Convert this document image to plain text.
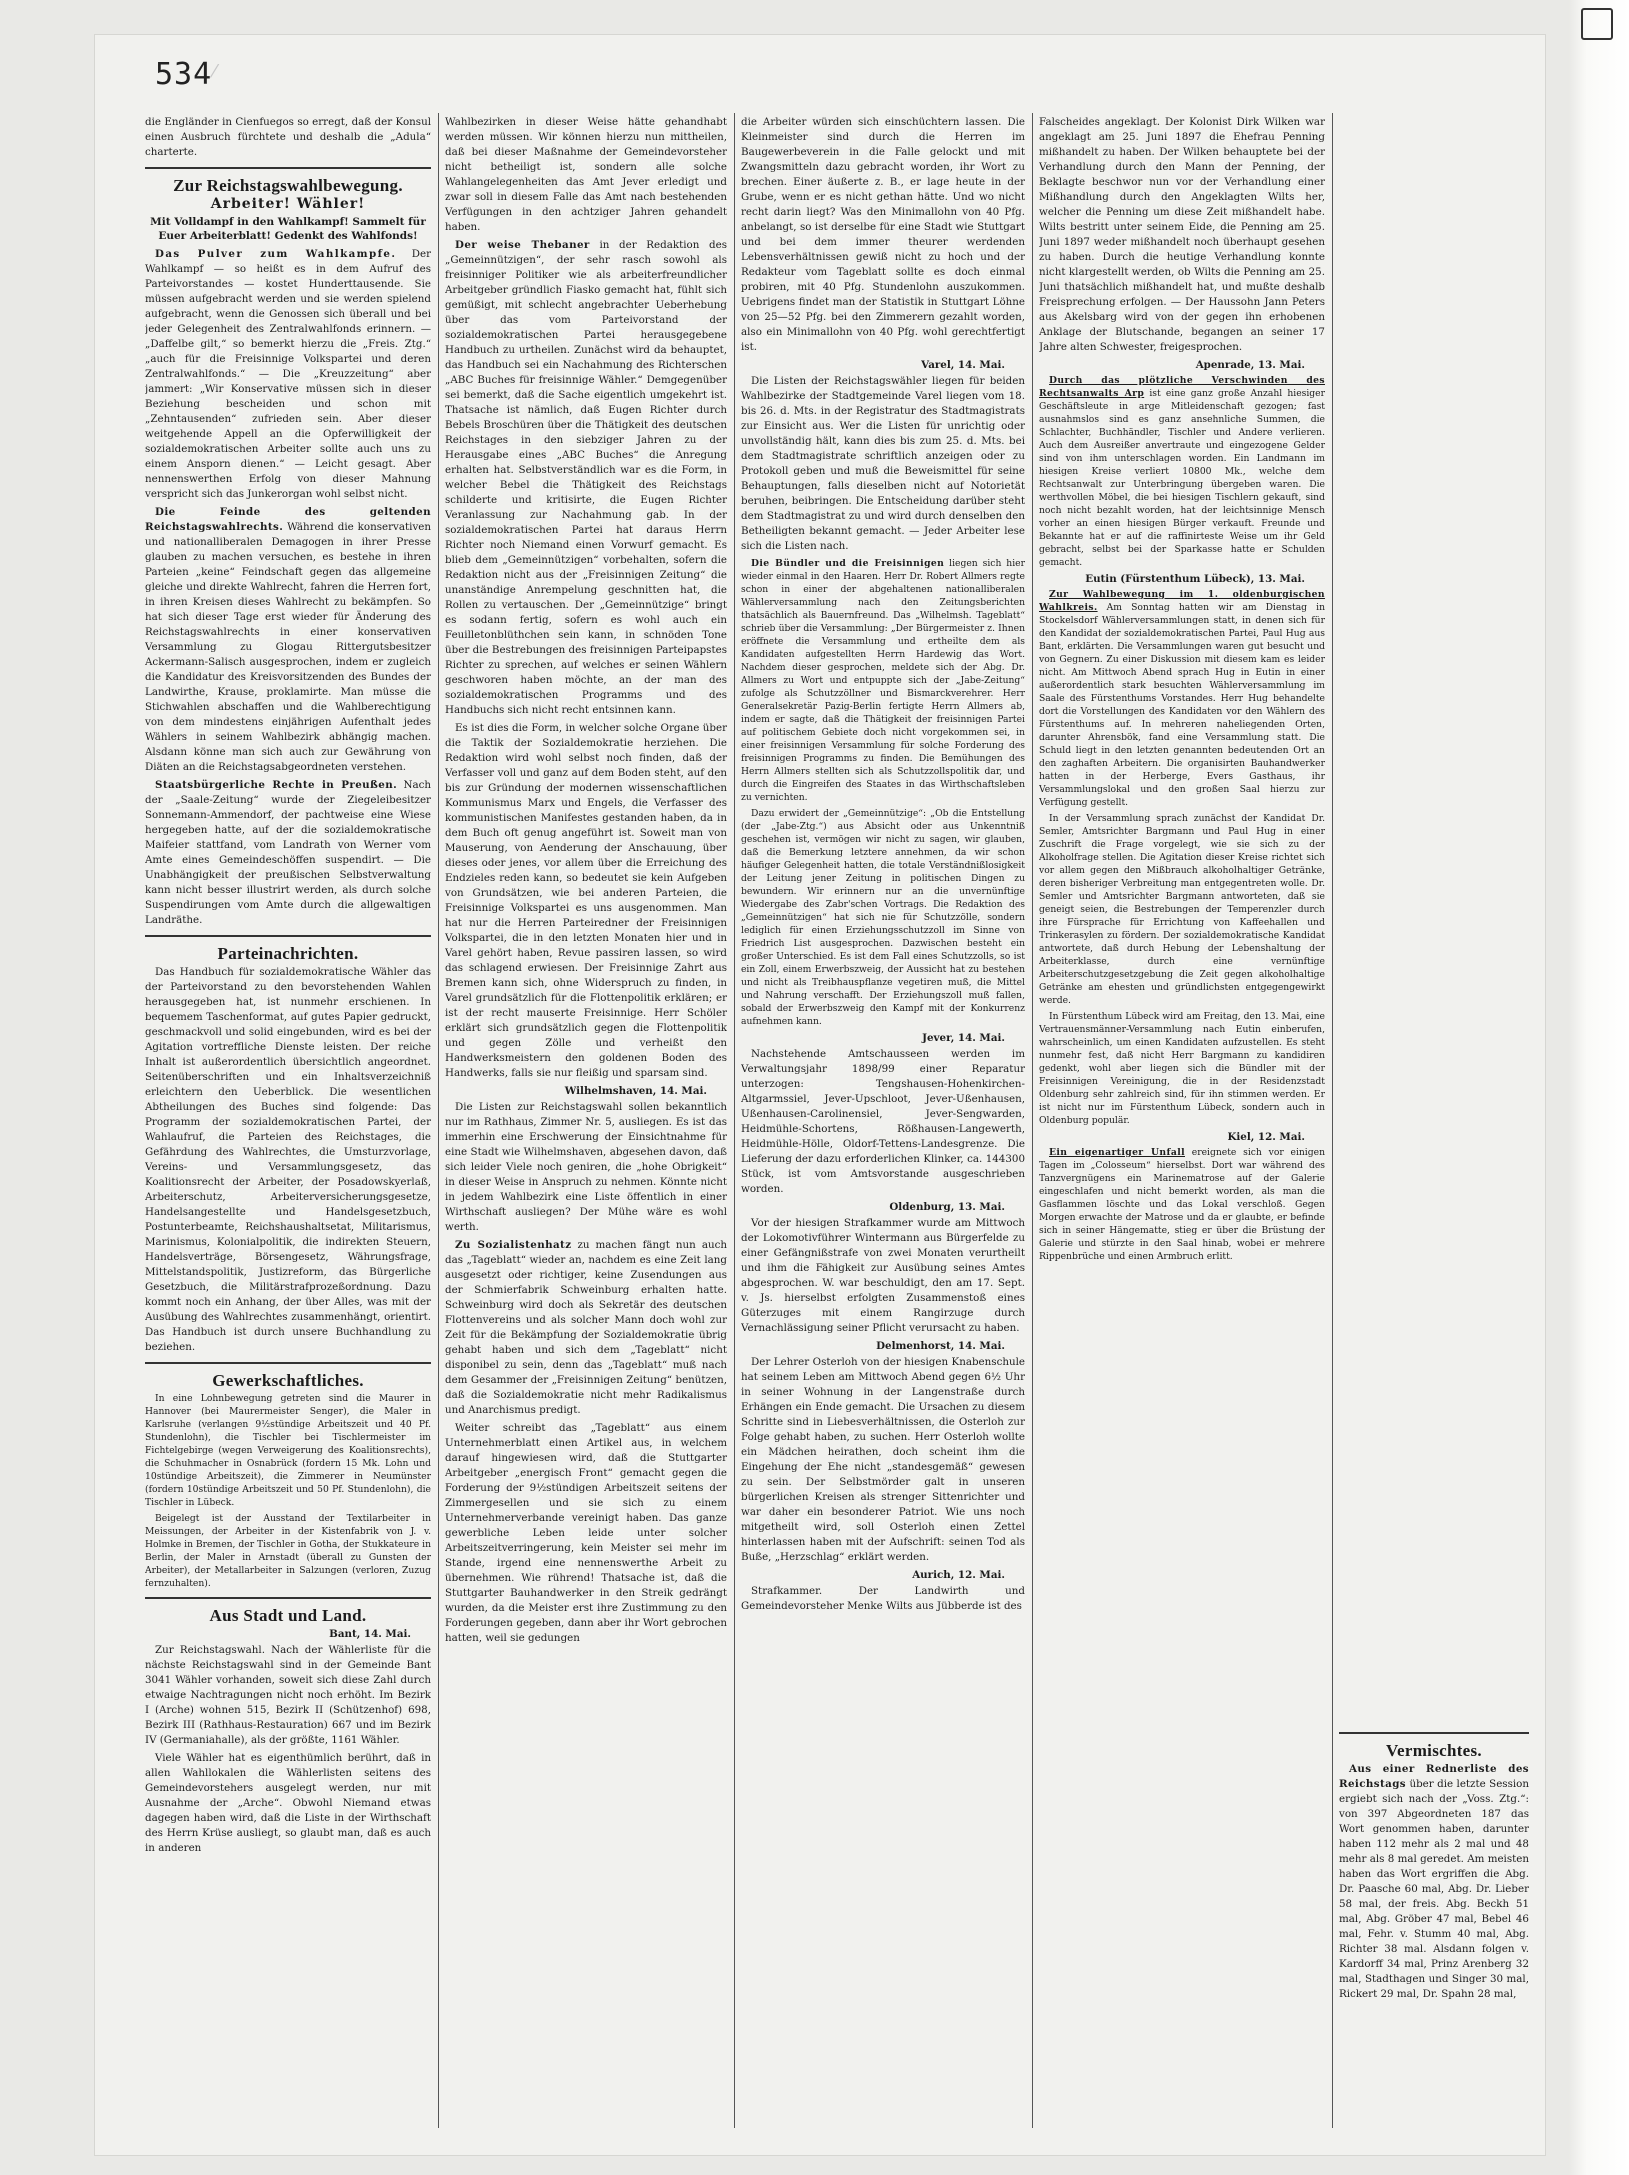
534 ⁄

die Engländer in Cienfuegos so erregt, daß der Konsul einen Ausbruch fürchtete und deshalb die „Adula“ charterte.

Zur Reichstagswahlbewegung.
Arbeiter! Wähler!
Mit Volldampf in den Wahlkampf! Sammelt für Euer Arbeiterblatt! Gedenkt des Wahlfonds!

Das Pulver zum Wahlkampfe. Der Wahlkampf — so heißt es in dem Aufruf des Parteivorstandes — kostet Hunderttausende. Sie müssen aufgebracht werden und sie werden spielend aufgebracht, wenn die Genossen sich überall und bei jeder Gelegenheit des Zentralwahlfonds erinnern. — „Daffelbe gilt,“ so bemerkt hierzu die „Freis. Ztg.“ „auch für die Freisinnige Volkspartei und deren Zentralwahlfonds.“ — Die „Kreuzzeitung“ aber jammert: „Wir Konservative müssen sich in dieser Beziehung bescheiden und schon mit „Zehntausenden“ zufrieden sein. Aber dieser weitgehende Appell an die Opferwilligkeit der sozialdemokratischen Arbeiter sollte auch uns zu einem Ansporn dienen.“ — Leicht gesagt. Aber nennenswerthen Erfolg von dieser Mahnung verspricht sich das Junkerorgan wohl selbst nicht.

Die Feinde des geltenden Reichstagswahlrechts. Während die konservativen und nationalliberalen Demagogen in ihrer Presse glauben zu machen versuchen, es bestehe in ihren Parteien „keine“ Feindschaft gegen das allgemeine gleiche und direkte Wahlrecht, fahren die Herren fort, in ihren Kreisen dieses Wahlrecht zu bekämpfen. So hat sich dieser Tage erst wieder für Änderung des Reichstagswahlrechts in einer konservativen Versammlung zu Glogau Rittergutsbesitzer Ackermann-Salisch ausgesprochen, indem er zugleich die Kandidatur des Kreisvorsitzenden des Bundes der Landwirthe, Krause, proklamirte. Man müsse die Stichwahlen abschaffen und die Wahlberechtigung von dem mindestens einjährigen Aufenthalt jedes Wählers in seinem Wahlbezirk abhängig machen. Alsdann könne man sich auch zur Gewährung von Diäten an die Reichstagsabgeordneten verstehen.

Staatsbürgerliche Rechte in Preußen. Nach der „Saale-Zeitung“ wurde der Ziegeleibesitzer Sonnemann-Ammendorf, der pachtweise eine Wiese hergegeben hatte, auf der die sozialdemokratische Maifeier stattfand, vom Landrath von Werner vom Amte eines Gemeindeschöffen suspendirt. — Die Unabhängigkeit der preußischen Selbstverwaltung kann nicht besser illustrirt werden, als durch solche Suspendirungen vom Amte durch die allgewaltigen Landräthe.

Parteinachrichten.

Das Handbuch für sozialdemokratische Wähler das der Parteivorstand zu den bevorstehenden Wahlen herausgegeben hat, ist nunmehr erschienen. In bequemem Taschenformat, auf gutes Papier gedruckt, geschmackvoll und solid eingebunden, wird es bei der Agitation vortreffliche Dienste leisten. Der reiche Inhalt ist außerordentlich übersichtlich angeordnet. Seitenüberschriften und ein Inhaltsverzeichniß erleichtern den Ueberblick. Die wesentlichen Abtheilungen des Buches sind folgende: Das Programm der sozialdemokratischen Partei, der Wahlaufruf, die Parteien des Reichstages, die Gefährdung des Wahlrechtes, die Umsturzvorlage, Vereins- und Versammlungsgesetz, das Koalitionsrecht der Arbeiter, der Posadowskyerlaß, Arbeiterschutz, Arbeiterversicherungsgesetze, Handelsangestellte und Handelsgesetzbuch, Postunterbeamte, Reichshaushaltsetat, Militarismus, Marinismus, Kolonialpolitik, die indirekten Steuern, Handelsverträge, Börsengesetz, Währungsfrage, Mittelstandspolitik, Justizreform, das Bürgerliche Gesetzbuch, die Militärstrafprozeßordnung. Dazu kommt noch ein Anhang, der über Alles, was mit der Ausübung des Wahlrechtes zusammenhängt, orientirt. Das Handbuch ist durch unsere Buchhandlung zu beziehen.

Gewerkschaftliches.

In eine Lohnbewegung getreten sind die Maurer in Hannover (bei Maurermeister Senger), die Maler in Karlsruhe (verlangen 9½stündige Arbeitszeit und 40 Pf. Stundenlohn), die Tischler bei Tischlermeister im Fichtelgebirge (wegen Verweigerung des Koalitionsrechts), die Schuhmacher in Osnabrück (fordern 15 Mk. Lohn und 10stündige Arbeitszeit), die Zimmerer in Neumünster (fordern 10stündige Arbeitszeit und 50 Pf. Stundenlohn), die Tischler in Lübeck.

Beigelegt ist der Ausstand der Textilarbeiter in Meissungen, der Arbeiter in der Kistenfabrik von J. v. Holmke in Bremen, der Tischler in Gotha, der Stukkateure in Berlin, der Maler in Arnstadt (überall zu Gunsten der Arbeiter), der Metallarbeiter in Salzungen (verloren, Zuzug fernzuhalten).

Aus Stadt und Land.
Bant, 14. Mai.

Zur Reichstagswahl. Nach der Wählerliste für die nächste Reichstagswahl sind in der Gemeinde Bant 3041 Wähler vorhanden, soweit sich diese Zahl durch etwaige Nachtragungen nicht noch erhöht. Im Bezirk I (Arche) wohnen 515, Bezirk II (Schützenhof) 698, Bezirk III (Rathhaus-Restauration) 667 und im Bezirk IV (Germaniahalle), als der größte, 1161 Wähler.

Viele Wähler hat es eigenthümlich berührt, daß in allen Wahllokalen die Wählerlisten seitens des Gemeindevorstehers ausgelegt werden, nur mit Ausnahme der „Arche“. Obwohl Niemand etwas dagegen haben wird, daß die Liste in der Wirthschaft des Herrn Krüse ausliegt, so glaubt man, daß es auch in anderen

Wahlbezirken in dieser Weise hätte gehandhabt werden müssen. Wir können hierzu nun mittheilen, daß bei dieser Maßnahme der Gemeindevorsteher nicht betheiligt ist, sondern alle solche Wahlangelegenheiten das Amt Jever erledigt und zwar soll in diesem Falle das Amt nach bestehenden Verfügungen in den achtziger Jahren gehandelt haben.

Der weise Thebaner in der Redaktion des „Gemeinnützigen“, der sehr rasch sowohl als freisinniger Politiker wie als arbeiterfreundlicher Arbeitgeber gründlich Fiasko gemacht hat, fühlt sich gemüßigt, mit schlecht angebrachter Ueberhebung über das vom Parteivorstand der sozialdemokratischen Partei herausgegebene Handbuch zu urtheilen. Zunächst wird da behauptet, das Handbuch sei ein Nachahmung des Richterschen „ABC Buches für freisinnige Wähler.“ Demgegenüber sei bemerkt, daß die Sache eigentlich umgekehrt ist. Thatsache ist nämlich, daß Eugen Richter durch Bebels Broschüren über die Thätigkeit des deutschen Reichstages in den siebziger Jahren zu der Herausgabe eines „ABC Buches“ die Anregung erhalten hat. Selbstverständlich war es die Form, in welcher Bebel die Thätigkeit des Reichstags schilderte und kritisirte, die Eugen Richter Veranlassung zur Nachahmung gab. In der sozialdemokratischen Partei hat daraus Herrn Richter noch Niemand einen Vorwurf gemacht. Es blieb dem „Gemeinnützigen“ vorbehalten, sofern die Redaktion nicht aus der „Freisinnigen Zeitung“ die unanständige Anrempelung geschnitten hat, die Rollen zu vertauschen. Der „Gemeinnützige“ bringt es sodann fertig, sofern es wohl auch ein Feuilletonblüthchen sein kann, in schnöden Tone über die Bestrebungen des freisinnigen Parteipapstes Richter zu sprechen, auf welches er seinen Wählern geschworen haben möchte, an der man des sozialdemokratischen Programms und des Handbuchs sich nicht recht entsinnen kann.

Es ist dies die Form, in welcher solche Organe über die Taktik der Sozialdemokratie herziehen. Die Redaktion wird wohl selbst noch finden, daß der Verfasser voll und ganz auf dem Boden steht, auf den bis zur Gründung der modernen wissenschaftlichen Kommunismus Marx und Engels, die Verfasser des kommunistischen Manifestes gestanden haben, da in dem Buch oft genug angeführt ist. Soweit man von Mauserung, von Aenderung der Anschauung, über dieses oder jenes, vor allem über die Erreichung des Endzieles reden kann, so bedeutet sie kein Aufgeben von Grundsätzen, wie bei anderen Parteien, die Freisinnige Volkspartei es uns ausgenommen. Man hat nur die Herren Parteiredner der Freisinnigen Volkspartei, die in den letzten Monaten hier und in Varel gehört haben, Revue passiren lassen, so wird das schlagend erwiesen. Der Freisinnige Zahrt aus Bremen kann sich, ohne Widerspruch zu finden, in Varel grundsätzlich für die Flottenpolitik erklären; er ist der recht mauserte Freisinnige. Herr Schöler erklärt sich grundsätzlich gegen die Flottenpolitik und gegen Zölle und verheißt den Handwerksmeistern den goldenen Boden des Handwerks, falls sie nur fleißig und sparsam sind.

Wilhelmshaven, 14. Mai.

Die Listen zur Reichstagswahl sollen bekanntlich nur im Rathhaus, Zimmer Nr. 5, ausliegen. Es ist das immerhin eine Erschwerung der Einsichtnahme für eine Stadt wie Wilhelmshaven, abgesehen davon, daß sich leider Viele noch geniren, die „hohe Obrigkeit“ in dieser Weise in Anspruch zu nehmen. Könnte nicht in jedem Wahlbezirk eine Liste öffentlich in einer Wirthschaft ausliegen? Der Mühe wäre es wohl werth.

Zu Sozialistenhatz zu machen fängt nun auch das „Tageblatt“ wieder an, nachdem es eine Zeit lang ausgesetzt oder richtiger, keine Zusendungen aus der Schmierfabrik Schweinburg erhalten hatte. Schweinburg wird doch als Sekretär des deutschen Flottenvereins und als solcher Mann doch wohl zur Zeit für die Bekämpfung der Sozialdemokratie übrig gehabt haben und sich dem „Tageblatt“ nicht disponibel zu sein, denn das „Tageblatt“ muß nach dem Gesammer der „Freisinnigen Zeitung“ benützen, daß die Sozialdemokratie nicht mehr Radikalismus und Anarchismus predigt.

Weiter schreibt das „Tageblatt“ aus einem Unternehmerblatt einen Artikel aus, in welchem darauf hingewiesen wird, daß die Stuttgarter Arbeitgeber „energisch Front“ gemacht gegen die Forderung der 9½stündigen Arbeitszeit seitens der Zimmergesellen und sie sich zu einem Unternehmerverbande vereinigt haben. Das ganze gewerbliche Leben leide unter solcher Arbeitszeitverringerung, kein Meister sei mehr im Stande, irgend eine nennenswerthe Arbeit zu übernehmen. Wie rührend! Thatsache ist, daß die Stuttgarter Bauhandwerker in den Streik gedrängt wurden, da die Meister erst ihre Zustimmung zu den Forderungen gegeben, dann aber ihr Wort gebrochen hatten, weil sie gedungen

die Arbeiter würden sich einschüchtern lassen. Die Kleinmeister sind durch die Herren im Baugewerbeverein in die Falle gelockt und mit Zwangsmitteln dazu gebracht worden, ihr Wort zu brechen. Einer äußerte z. B., er lage heute in der Grube, wenn er es nicht gethan hätte. Und wo nicht recht darin liegt? Was den Minimallohn von 40 Pfg. anbelangt, so ist derselbe für eine Stadt wie Stuttgart und bei dem immer theurer werdenden Lebensverhältnissen gewiß nicht zu hoch und der Redakteur vom Tageblatt sollte es doch einmal probiren, mit 40 Pfg. Stundenlohn auszukommen. Uebrigens findet man der Statistik in Stuttgart Löhne von 25—52 Pfg. bei den Zimmerern gezahlt worden, also ein Minimallohn von 40 Pfg. wohl gerechtfertigt ist.

Varel, 14. Mai.

Die Listen der Reichstagswähler liegen für beiden Wahlbezirke der Stadtgemeinde Varel liegen vom 18. bis 26. d. Mts. in der Registratur des Stadtmagistrats zur Einsicht aus. Wer die Listen für unrichtig oder unvollständig hält, kann dies bis zum 25. d. Mts. bei dem Stadtmagistrate schriftlich anzeigen oder zu Protokoll geben und muß die Beweismittel für seine Behauptungen, falls dieselben nicht auf Notorietät beruhen, beibringen. Die Entscheidung darüber steht dem Stadtmagistrat zu und wird durch denselben den Betheiligten bekannt gemacht. — Jeder Arbeiter lese sich die Listen nach.

Die Bündler und die Freisinnigen liegen sich hier wieder einmal in den Haaren. Herr Dr. Robert Allmers regte schon in einer der abgehaltenen nationalliberalen Wählerversammlung nach den Zeitungsberichten thatsächlich als Bauernfreund. Das „Wilhelmsh. Tageblatt“ schrieb über die Versammlung: „Der Bürgermeister z. Ihnen eröffnete die Versammlung und ertheilte dem als Kandidaten aufgestellten Herrn Hardewig das Wort. Nachdem dieser gesprochen, meldete sich der Abg. Dr. Allmers zu Wort und entpuppte sich der „Jabe-Zeitung“ zufolge als Schutzzöllner und Bismarckverehrer. Herr Generalsekretär Pazig-Berlin fertigte Herrn Allmers ab, indem er sagte, daß die Thätigkeit der freisinnigen Partei auf politischem Gebiete doch nicht vorgekommen sei, in einer freisinnigen Versammlung für solche Forderung des freisinnigen Programms zu finden. Die Bemühungen des Herrn Allmers stellten sich als Schutzzollspolitik dar, und durch die Eingreifen des Staates in das Wirthschaftsleben zu vernichten.

Dazu erwidert der „Gemeinnützige“: „Ob die Entstellung (der „Jabe-Ztg.“) aus Absicht oder aus Unkenntniß geschehen ist, vermögen wir nicht zu sagen, wir glauben, daß die Bemerkung letztere annehmen, da wir schon häufiger Gelegenheit hatten, die totale Verständnißlosigkeit der Leitung jener Zeitung in politischen Dingen zu bewundern. Wir erinnern nur an die unvernünftige Wiedergabe des Zabr'schen Vortrags. Die Redaktion des „Gemeinnützigen“ hat sich nie für Schutzzölle, sondern lediglich für einen Erziehungsschutzzoll im Sinne von Friedrich List ausgesprochen. Dazwischen besteht ein großer Unterschied. Es ist dem Fall eines Schutzzolls, so ist ein Zoll, einem Erwerbszweig, der Aussicht hat zu bestehen und nicht als Treibhauspflanze vegetiren muß, die Mittel und Nahrung verschafft. Der Erziehungszoll muß fallen, sobald der Erwerbszweig den Kampf mit der Konkurrenz aufnehmen kann.

Jever, 14. Mai.

Nachstehende Amtschausseen werden im Verwaltungsjahr 1898/99 einer Reparatur unterzogen: Tengshausen-Hohenkirchen-Altgarmssiel, Jever-Upschloot, Jever-Ußenhausen, Ußenhausen-Carolinensiel, Jever-Sengwarden, Heidmühle-Schortens, Rößhausen-Langewerth, Heidmühle-Hölle, Oldorf-Tettens-Landesgrenze. Die Lieferung der dazu erforderlichen Klinker, ca. 144300 Stück, ist vom Amtsvorstande ausgeschrieben worden.

Oldenburg, 13. Mai.

Vor der hiesigen Strafkammer wurde am Mittwoch der Lokomotivführer Wintermann aus Bürgerfelde zu einer Gefängnißstrafe von zwei Monaten verurtheilt und ihm die Fähigkeit zur Ausübung seines Amtes abgesprochen. W. war beschuldigt, den am 17. Sept. v. Js. hierselbst erfolgten Zusammenstoß eines Güterzuges mit einem Rangirzuge durch Vernachlässigung seiner Pflicht verursacht zu haben.

Delmenhorst, 14. Mai.

Der Lehrer Osterloh von der hiesigen Knabenschule hat seinem Leben am Mittwoch Abend gegen 6½ Uhr in seiner Wohnung in der Langenstraße durch Erhängen ein Ende gemacht. Die Ursachen zu diesem Schritte sind in Liebesverhältnissen, die Osterloh zur Folge gehabt haben, zu suchen. Herr Osterloh wollte ein Mädchen heirathen, doch scheint ihm die Eingehung der Ehe nicht „standesgemäß“ gewesen zu sein. Der Selbstmörder galt in unseren bürgerlichen Kreisen als strenger Sittenrichter und war daher ein besonderer Patriot. Wie uns noch mitgetheilt wird, soll Osterloh einen Zettel hinterlassen haben mit der Aufschrift: seinen Tod als Buße, „Herzschlag“ erklärt werden.

Aurich, 12. Mai.

Strafkammer. Der Landwirth und Gemeindevorsteher Menke Wilts aus Jübberde ist des

Falscheides angeklagt. Der Kolonist Dirk Wilken war angeklagt am 25. Juni 1897 die Ehefrau Penning mißhandelt zu haben. Der Wilken behauptete bei der Verhandlung durch den Mann der Penning, der Beklagte beschwor nun vor der Verhandlung einer Mißhandlung durch den Angeklagten Wilts her, welcher die Penning um diese Zeit mißhandelt habe. Wilts bestritt unter seinem Eide, die Penning am 25. Juni 1897 weder mißhandelt noch überhaupt gesehen zu haben. Durch die heutige Verhandlung konnte nicht klargestellt werden, ob Wilts die Penning am 25. Juni thatsächlich mißhandelt hat, und mußte deshalb Freisprechung erfolgen. — Der Haussohn Jann Peters aus Akelsbarg wird von der gegen ihn erhobenen Anklage der Blutschande, begangen an seiner 17 Jahre alten Schwester, freigesprochen.

Apenrade, 13. Mai.

Durch das plötzliche Verschwinden des Rechtsanwalts Arp ist eine ganz große Anzahl hiesiger Geschäftsleute in arge Mitleidenschaft gezogen; fast ausnahmslos sind es ganz ansehnliche Summen, die Schlachter, Buchhändler, Tischler und Andere verlieren. Auch dem Ausreißer anvertraute und eingezogene Gelder sind von ihm unterschlagen worden. Ein Landmann im hiesigen Kreise verliert 10800 Mk., welche dem Rechtsanwalt zur Unterbringung übergeben waren. Die werthvollen Möbel, die bei hiesigen Tischlern gekauft, sind noch nicht bezahlt worden, hat der leichtsinnige Mensch vorher an einen hiesigen Bürger verkauft. Freunde und Bekannte hat er auf die raffinirteste Weise um ihr Geld gebracht, selbst bei der Sparkasse hatte er Schulden gemacht.

Eutin (Fürstenthum Lübeck), 13. Mai.

Zur Wahlbewegung im 1. oldenburgischen Wahlkreis. Am Sonntag hatten wir am Dienstag in Stockelsdorf Wählerversammlungen statt, in denen sich für den Kandidat der sozialdemokratischen Partei, Paul Hug aus Bant, erklärten. Die Versammlungen waren gut besucht und von Gegnern. Zu einer Diskussion mit diesem kam es leider nicht. Am Mittwoch Abend sprach Hug in Eutin in einer außerordentlich stark besuchten Wählerversammlung im Saale des Fürstenthums Vorstandes. Herr Hug behandelte dort die Vorstellungen des Kandidaten vor den Wählern des Fürstenthums auf. In mehreren naheliegenden Orten, darunter Ahrensbök, fand eine Versammlung statt. Die Schuld liegt in den letzten genannten bedeutenden Ort an den zaghaften Arbeitern. Die organisirten Bauhandwerker hatten in der Herberge, Evers Gasthaus, ihr Versammlungslokal und den großen Saal hierzu zur Verfügung gestellt.

In der Versammlung sprach zunächst der Kandidat Dr. Semler, Amtsrichter Bargmann und Paul Hug in einer Zuschrift die Frage vorgelegt, wie sie sich zu der Alkoholfrage stellen. Die Agitation dieser Kreise richtet sich vor allem gegen den Mißbrauch alkoholhaltiger Getränke, deren bisheriger Verbreitung man entgegentreten wolle. Dr. Semler und Amtsrichter Bargmann antworteten, daß sie geneigt seien, die Bestrebungen der Temperenzler durch ihre Fürsprache für Errichtung von Kaffeehallen und Trinkerasylen zu fördern. Der sozialdemokratische Kandidat antwortete, daß durch Hebung der Lebenshaltung der Arbeiterklasse, durch eine vernünftige Arbeiterschutzgesetzgebung die Zeit gegen alkoholhaltige Getränke am ehesten und gründlichsten entgegengewirkt werde.

In Fürstenthum Lübeck wird am Freitag, den 13. Mai, eine Vertrauensmänner-Versammlung nach Eutin einberufen, wahrscheinlich, um einen Kandidaten aufzustellen. Es steht nunmehr fest, daß nicht Herr Bargmann zu kandidiren gedenkt, wohl aber liegen sich die Bündler mit der Freisinnigen Vereinigung, die in der Residenzstadt Oldenburg sehr zahlreich sind, für ihn stimmen werden. Er ist nicht nur im Fürstenthum Lübeck, sondern auch in Oldenburg populär.

Kiel, 12. Mai.

Ein eigenartiger Unfall ereignete sich vor einigen Tagen im „Colosseum“ hierselbst. Dort war während des Tanzvergnügens ein Marinematrose auf der Galerie eingeschlafen und nicht bemerkt worden, als man die Gasflammen löschte und das Lokal verschloß. Gegen Morgen erwachte der Matrose und da er glaubte, er befinde sich in seiner Hängematte, stieg er über die Brüstung der Galerie und stürzte in den Saal hinab, wobei er mehrere Rippenbrüche und einen Armbruch erlitt.

Vermischtes.

Aus einer Rednerliste des Reichstags über die letzte Session ergiebt sich nach der „Voss. Ztg.“: von 397 Abgeordneten 187 das Wort genommen haben, darunter haben 112 mehr als 2 mal und 48 mehr als 8 mal geredet. Am meisten haben das Wort ergriffen die Abg. Dr. Paasche 60 mal, Abg. Dr. Lieber 58 mal, der freis. Abg. Beckh 51 mal, Abg. Gröber 47 mal, Bebel 46 mal, Fehr. v. Stumm 40 mal, Abg. Richter 38 mal. Alsdann folgen v. Kardorff 34 mal, Prinz Arenberg 32 mal, Stadthagen und Singer 30 mal, Rickert 29 mal, Dr. Spahn 28 mal,
